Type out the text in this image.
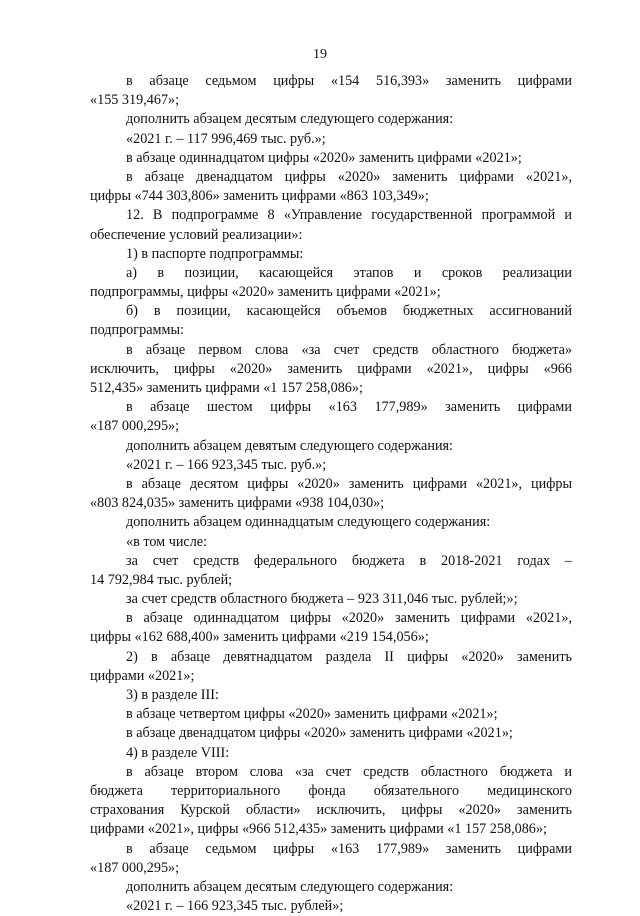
19
в абзаце седьмом цифры «154 516,393» заменить цифрами
«155 319,467»;
дополнить абзацем десятым следующего содержания:
«2021 г. – 117 996,469 тыс. руб.»;
в абзаце одиннадцатом цифры «2020» заменить цифрами «2021»;
в абзаце двенадцатом цифры «2020» заменить цифрами «2021»,
цифры «744 303,806» заменить цифрами «863 103,349»;
12. В подпрограмме 8 «Управление государственной программой и
обеспечение условий реализации»:
1) в паспорте подпрограммы:
а) в позиции, касающейся этапов и сроков реализации
подпрограммы, цифры «2020» заменить цифрами «2021»;
б) в позиции, касающейся объемов бюджетных ассигнований
подпрограммы:
в абзаце первом слова «за счет средств областного бюджета»
исключить, цифры «2020» заменить цифрами «2021», цифры «966
512,435» заменить цифрами «1 157 258,086»;
в абзаце шестом цифры «163 177,989» заменить цифрами
«187 000,295»;
дополнить абзацем девятым следующего содержания:
«2021 г. – 166 923,345 тыс. руб.»;
в абзаце десятом цифры «2020» заменить цифрами «2021», цифры
«803 824,035» заменить цифрами «938 104,030»;
дополнить абзацем одиннадцатым следующего содержания:
«в том числе:
за счет средств федерального бюджета в 2018-2021 годах –
14 792,984 тыс. рублей;
за счет средств областного бюджета – 923 311,046 тыс. рублей;»;
в абзаце одиннадцатом цифры «2020» заменить цифрами «2021»,
цифры «162 688,400» заменить цифрами «219 154,056»;
2) в абзаце девятнадцатом раздела II цифры «2020» заменить
цифрами «2021»;
3) в разделе III:
в абзаце четвертом цифры «2020» заменить цифрами «2021»;
в абзаце двенадцатом цифры «2020» заменить цифрами «2021»;
4) в разделе VIII:
в абзаце втором слова «за счет средств областного бюджета и
бюджета территориального фонда обязательного медицинского
страхования Курской области» исключить, цифры «2020» заменить
цифрами «2021», цифры «966 512,435» заменить цифрами «1 157 258,086»;
в абзаце седьмом цифры «163 177,989» заменить цифрами
«187 000,295»;
дополнить абзацем десятым следующего содержания:
«2021 г. – 166 923,345 тыс. рублей»;
